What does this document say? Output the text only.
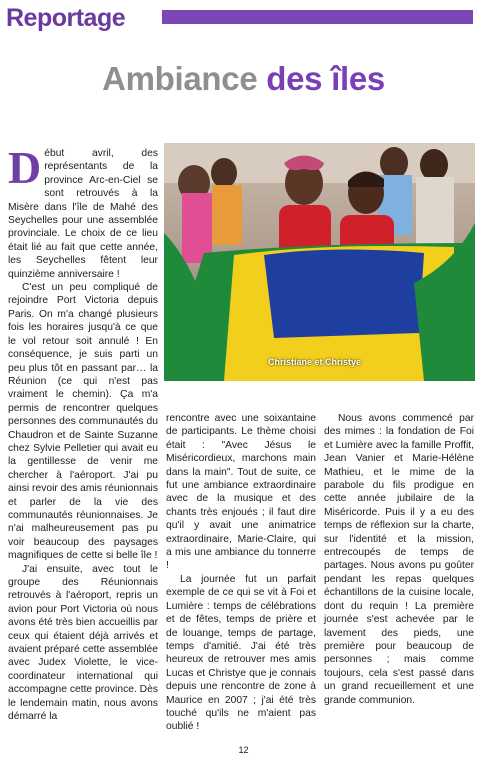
Reportage
Ambiance des îles

Début avril, des représentants de la province Arc-en-Ciel se sont retrouvés à la Misère dans l'île de Mahé des Seychelles pour une assemblée provinciale. Le choix de ce lieu était lié au fait que cette année, les Seychelles fêtent leur quinzième anniversaire !

C'est un peu compliqué de rejoindre Port Victoria depuis Paris. On m'a changé plusieurs fois les horaires jusqu'à ce que le vol retour soit annulé ! En conséquence, je suis parti un peu plus tôt en passant par… la Réunion (ce qui n'est pas vraiment le chemin). Ça m'a permis de rencontrer quelques personnes des communautés du Chaudron et de Sainte Suzanne chez Sylvie Pelletier qui avait eu la gentillesse de venir me chercher à l'aéroport. J'ai pu ainsi revoir des amis réunionnais et parler de la vie des communautés réunionnaises. Je n'ai malheureusement pas pu voir beaucoup des paysages magnifiques de cette si belle île !

J'ai ensuite, avec tout le groupe des Réunionnais retrouvés à l'aéroport, repris un avion pour Port Victoria où nous avons été très bien accueillis par ceux qui étaient déjà arrivés et avaient préparé cette assemblée avec Judex Violette, le vice-coordinateur international qui accompagne cette province. Dès le lendemain matin, nous avons démarré la

rencontre avec une soixantaine de participants. Le thème choisi était : "Avec Jésus le Miséricordieux, marchons main dans la main". Tout de suite, ce fut une ambiance extraordinaire avec de la musique et des chants très enjoués ; il faut dire qu'il y avait une animatrice extraordinaire, Marie-Claire, qui a mis une ambiance du tonnerre !

La journée fut un parfait exemple de ce qui se vit à Foi et Lumière : temps de célébrations et de fêtes, temps de prière et de louange, temps de partage, temps d'amitié. J'ai été très heureux de retrouver mes amis Lucas et Christye que je connais depuis une rencontre de zone à Maurice en 2007 ; j'ai été très touché qu'ils ne m'aient pas oublié !

Nous avons commencé par des mimes : la fondation de Foi et Lumière avec la famille Proffit, Jean Vanier et Marie-Hélène Mathieu, et le mime de la parabole du fils prodigue en cette année jubilaire de la Miséricorde. Puis il y a eu des temps de réflexion sur la charte, sur l'identité et la mission, entrecoupés de temps de partages. Nous avons pu goûter pendant les repas quelques échantillons de la cuisine locale, dont du requin ! La première journée s'est achevée par le lavement des pieds, une première pour beaucoup de personnes ; mais comme toujours, cela s'est passé dans un grand recueillement et une grande communion.

Christiane et Christye
12
